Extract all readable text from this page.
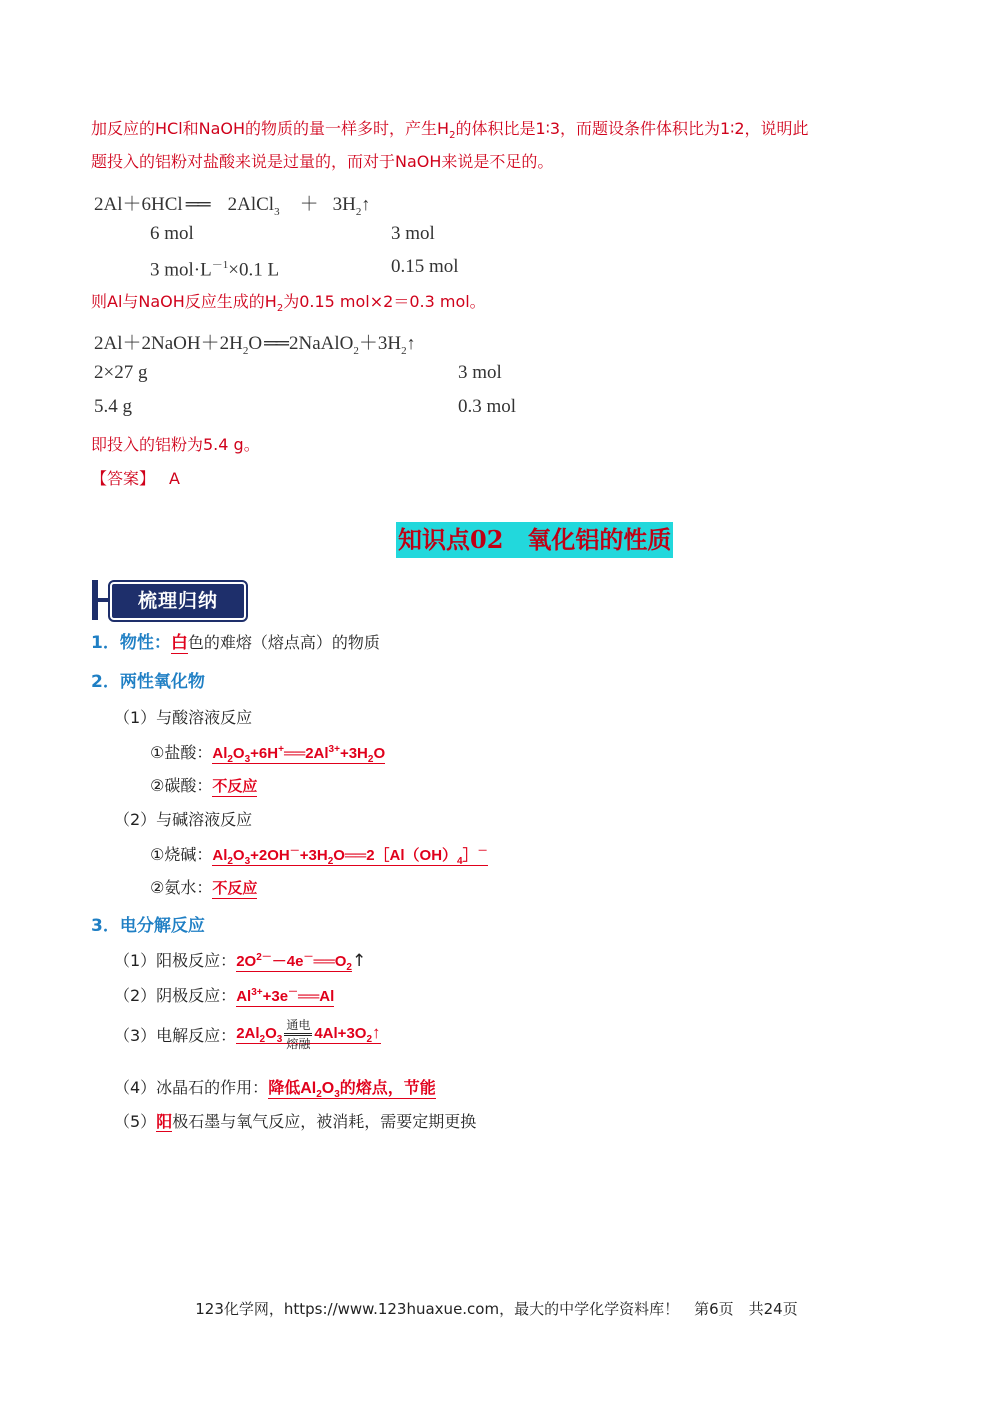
加反应的HCl和NaOH的物质的量一样多时，产生$H_2$的体积比是1∶3，而题设条件体积比为1∶2，说明此
题投入的铝粉对盐酸来说是过量的，而对于NaOH来说是不足的。
2Al＋6HCl ══ 2AlCl$_3$ ＋ $3H_2↑$
6 mol	3 mol
3 $mol\cdot L^{-1}\times 0.1$ L	0.15 mol
则Al与NaOH反应生成的$H_2$为0.15 mol×2＝0.3 mol。
$2Al+2NaOH+2H_2O$ ══ $2NaAlO_2+3H_2↑$
2×27 g	3 mol
5.4 g	0.3 mol
即投入的铝粉为5.4 g。
【答案】 A
知识点02　氧化铝的性质
梳理归纳
1．物性：白色的难熔（熔点高）的物质
2．两性氧化物
（1）与酸溶液反应
①盐酸：$Al_2O_3+6H^+══2Al^{3+}+3H_2O$
②碳酸：不反应
（2）与碱溶液反应
①烧碱：$Al_2O_3+2OH^-+3H_2O══2[Al(OH)_4]^-$
②氨水：不反应
3．电分解反应
（1）阳极反应：$2O^{2-}-4e^-══O_2↑$
（2）阴极反应：$Al^{3+}+3e^-══Al$
（3）电解反应：$2Al_2O_3 \frac{\text{通电}}{\text{熔融}}$ $4Al+3O_2↑$
（4）冰晶石的作用：降低$Al_2O_3$的熔点，节能
（5）阳极石墨与氧气反应，被消耗，需要定期更换
123化学网，https://www.123huaxue.com，最大的中学化学资料库！　第6页　共24页
